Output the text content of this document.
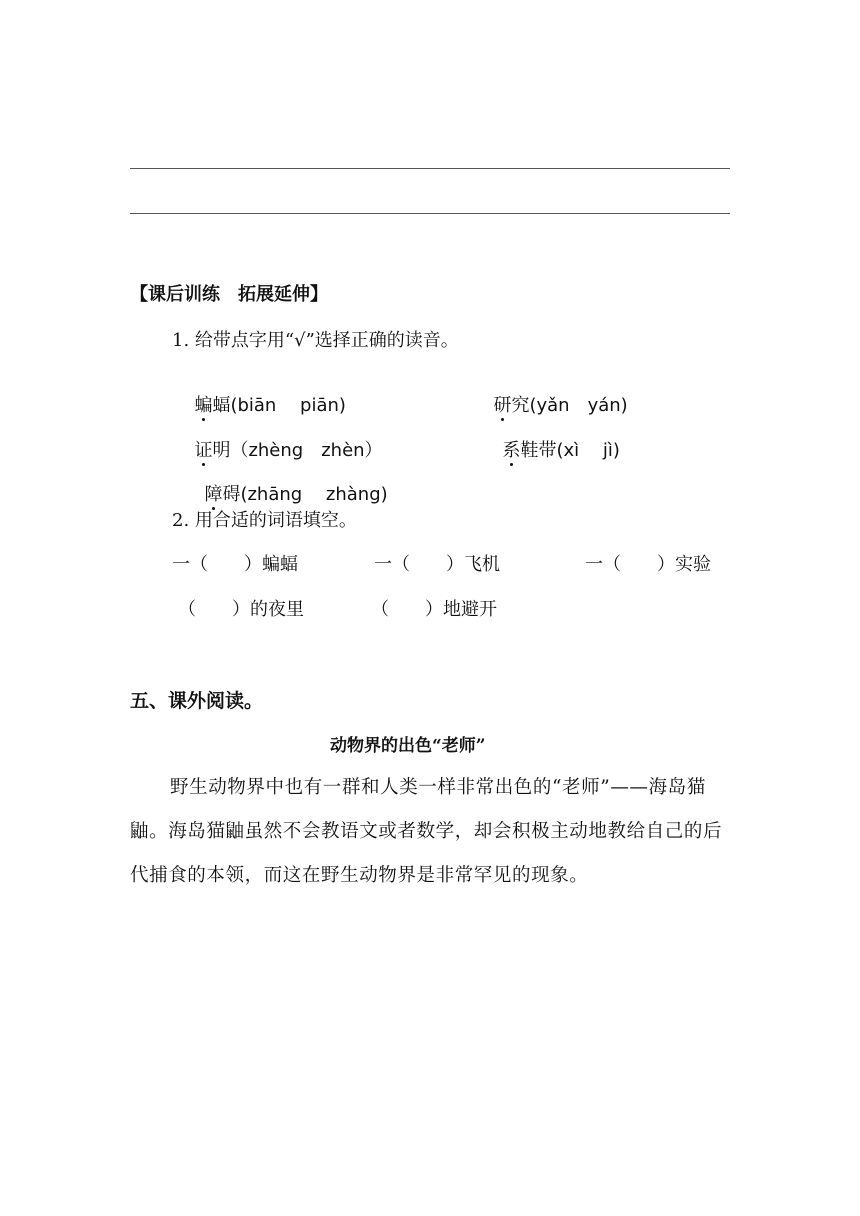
【课后训练　拓展延伸】
1. 给带点字用“√”选择正确的读音。

蝙蝠(biān　 piān)	研究(yǎn　yán)

证明（zhèng　zhèn）	系鞋带(xì　 jì)

障碍(zhāng　 zhàng)

2. 用合适的词语填空。
一（　　）蝙蝠	一（　　）飞机	一（　　）实验
（　　）的夜里	（　　）地避开
五、课外阅读。
动物界的出色“老师”

野生动物界中也有一群和人类一样非常出色的“老师”——海岛猫鼬。海岛猫鼬虽然不会教语文或者数学，却会积极主动地教给自己的后代捕食的本领，而这在野生动物界是非常罕见的现象。
